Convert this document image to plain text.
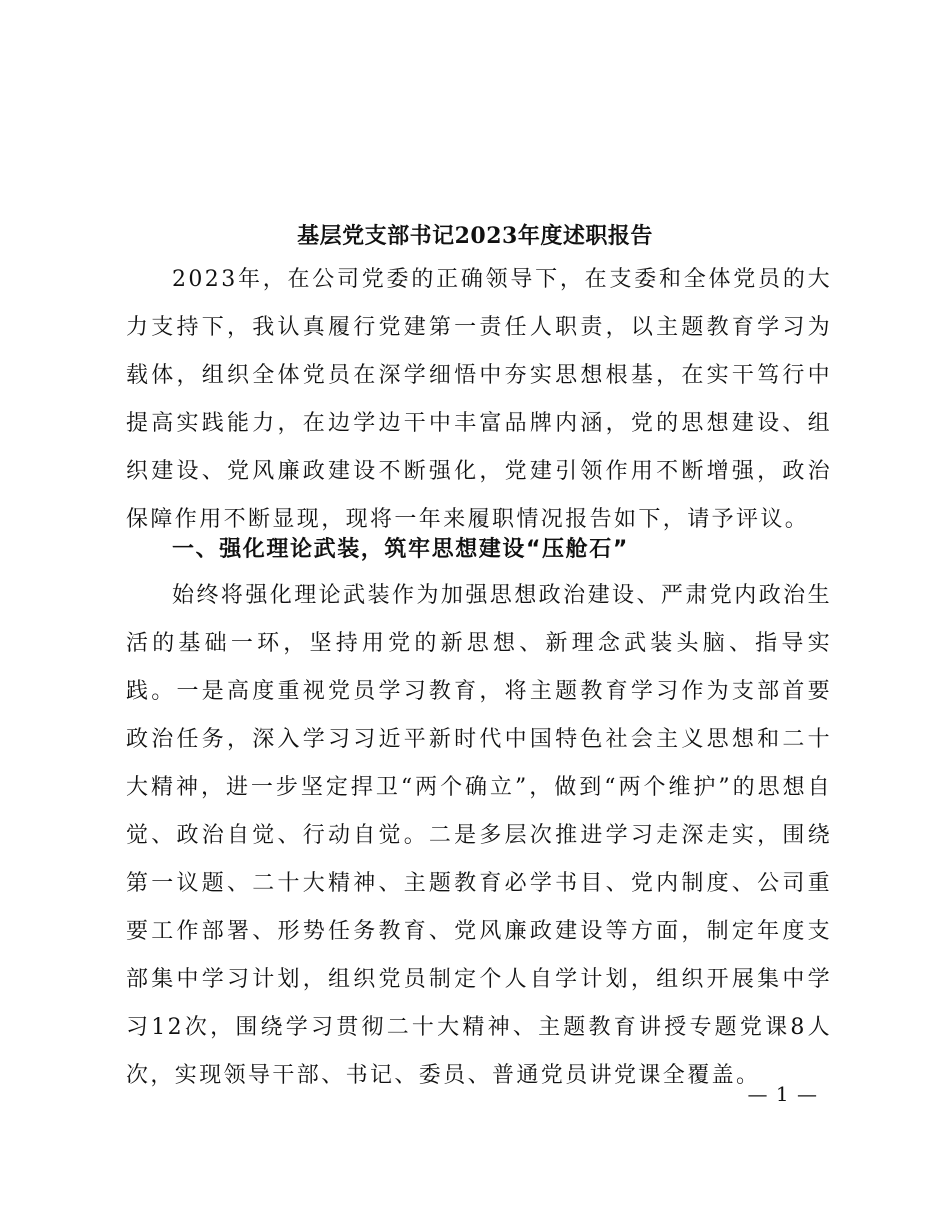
基层党支部书记2023年度述职报告

2023年，在公司党委的正确领导下，在支委和全体党员的大力支持下，我认真履行党建第一责任人职责，以主题教育学习为载体，组织全体党员在深学细悟中夯实思想根基，在实干笃行中提高实践能力，在边学边干中丰富品牌内涵，党的思想建设、组织建设、党风廉政建设不断强化，党建引领作用不断增强，政治保障作用不断显现，现将一年来履职情况报告如下，请予评议。

一、强化理论武装，筑牢思想建设“压舱石”

始终将强化理论武装作为加强思想政治建设、严肃党内政治生活的基础一环，坚持用党的新思想、新理念武装头脑、指导实践。一是高度重视党员学习教育，将主题教育学习作为支部首要政治任务，深入学习习近平新时代中国特色社会主义思想和二十大精神，进一步坚定捍卫“两个确立”，做到“两个维护”的思想自觉、政治自觉、行动自觉。二是多层次推进学习走深走实，围绕第一议题、二十大精神、主题教育必学书目、党内制度、公司重要工作部署、形势任务教育、党风廉政建设等方面，制定年度支部集中学习计划，组织党员制定个人自学计划，组织开展集中学习12次，围绕学习贯彻二十大精神、主题教育讲授专题党课8人次，实现领导干部、书记、委员、普通党员讲党课全覆盖。

— 1 —
